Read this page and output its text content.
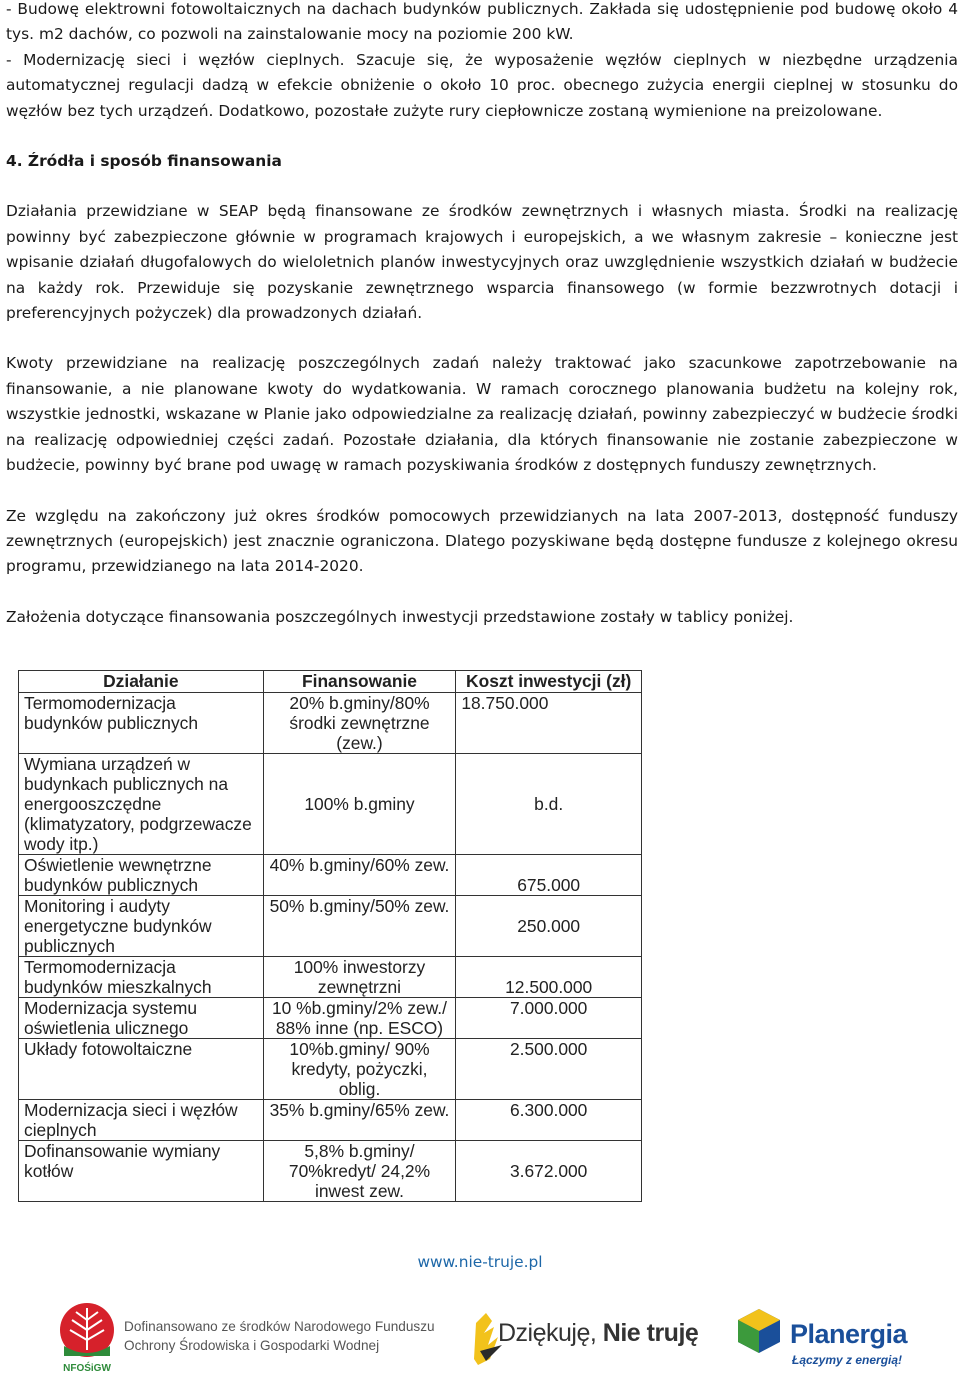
- Budowę elektrowni fotowoltaicznych na dachach budynków publicznych. Zakłada się udostępnienie pod budowę około 4 tys. m2 dachów, co pozwoli na zainstalowanie mocy na poziomie 200 kW.

- Modernizację sieci i węzłów cieplnych. Szacuje się, że wyposażenie węzłów cieplnych w niezbędne urządzenia automatycznej regulacji dadzą w efekcie obniżenie o około 10 proc. obecnego zużycia energii cieplnej w stosunku do węzłów bez tych urządzeń. Dodatkowo, pozostałe zużyte rury ciepłownicze zostaną wymienione na preizolowane.

4. Źródła i sposób finansowania

Działania przewidziane w SEAP będą finansowane ze środków zewnętrznych i własnych miasta. Środki na realizację powinny być zabezpieczone głównie w programach krajowych i europejskich, a we własnym zakresie – konieczne jest wpisanie działań długofalowych do wieloletnich planów inwestycyjnych oraz uwzględnienie wszystkich działań w budżecie na każdy rok. Przewiduje się pozyskanie zewnętrznego wsparcia finansowego (w formie bezzwrotnych dotacji i preferencyjnych pożyczek) dla prowadzonych działań.

Kwoty przewidziane na realizację poszczególnych zadań należy traktować jako szacunkowe zapotrzebowanie na finansowanie, a nie planowane kwoty do wydatkowania. W ramach corocznego planowania budżetu na kolejny rok, wszystkie jednostki, wskazane w Planie jako odpowiedzialne za realizację działań, powinny zabezpieczyć w budżecie środki na realizację odpowiedniej części zadań. Pozostałe działania, dla których finansowanie nie zostanie zabezpieczone w budżecie, powinny być brane pod uwagę w ramach pozyskiwania środków z dostępnych funduszy zewnętrznych.

Ze względu na zakończony już okres środków pomocowych przewidzianych na lata 2007-2013, dostępność funduszy zewnętrznych (europejskich) jest znacznie ograniczona. Dlatego pozyskiwane będą dostępne fundusze z kolejnego okresu programu, przewidzianego na lata 2014-2020.

Założenia dotyczące finansowania poszczególnych inwestycji przedstawione zostały w tablicy poniżej.

Działanie	Finansowanie	Koszt inwestycji (zł)
Termomodernizacja budynków publicznych	20% b.gminy/80% środki zewnętrzne (zew.)	18.750.000
Wymiana urządzeń w budynkach publicznych na energooszczędne (klimatyzatory, podgrzewacze wody itp.)	100% b.gminy	b.d.
Oświetlenie wewnętrzne budynków publicznych	40% b.gminy/60% zew.	675.000
Monitoring i audyty energetyczne budynków publicznych	50% b.gminy/50% zew.	250.000
Termomodernizacja budynków mieszkalnych	100% inwestorzy zewnętrzni	12.500.000
Modernizacja systemu oświetlenia ulicznego	10 %b.gminy/2% zew./ 88% inne (np. ESCO)	7.000.000
Układy fotowoltaiczne	10%b.gminy/ 90% kredyty, pożyczki, oblig.	2.500.000
Modernizacja sieci i węzłów cieplnych	35% b.gminy/65% zew.	6.300.000
Dofinansowanie wymiany kotłów	5,8% b.gminy/ 70%kredyt/ 24,2% inwest zew.	3.672.000
www.nie-truje.pl
NFOŚiGW
Dofinansowano ze środków Narodowego Funduszu
Ochrony Środowiska i Gospodarki Wodnej	Dziękuję, Nie truję	Planergia
Łączymy z energią!
